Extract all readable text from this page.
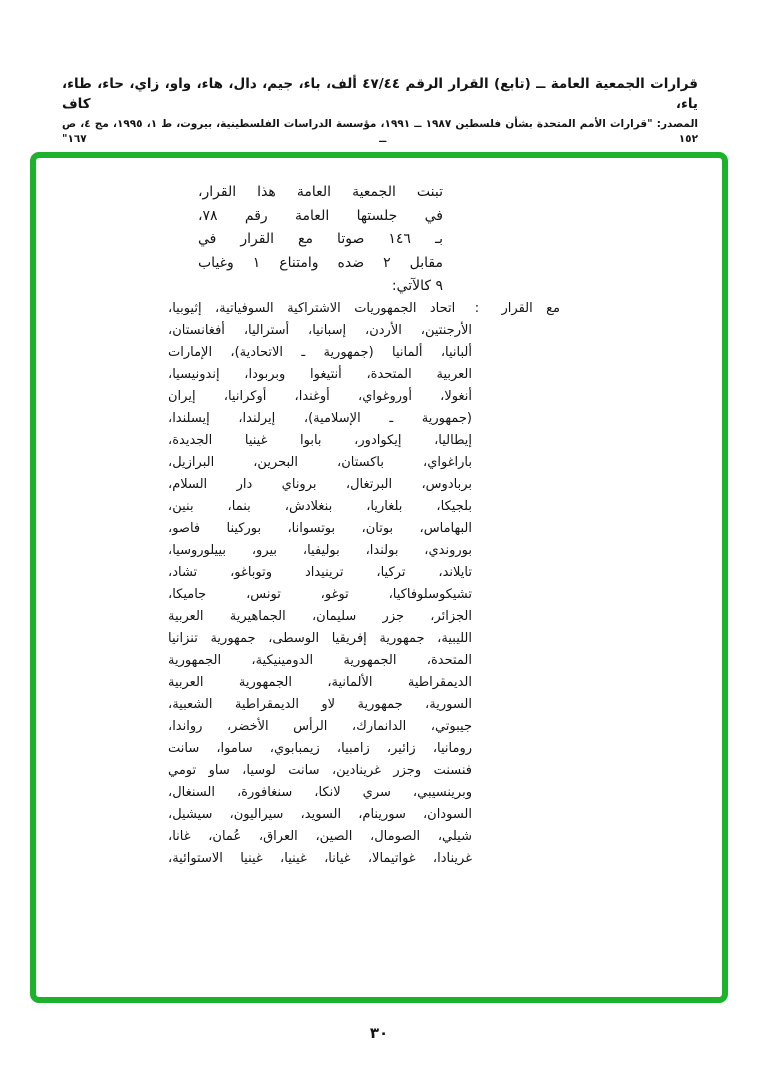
قرارات الجمعية العامة ــ (تابع) القرار الرقم ٤٧/٤٤ ألف، باء، جيم، دال، هاء، واو، زاي، حاء، طاء، ياء، كاف
المصدر: "قرارات الأمم المتحدة بشأن فلسطين ١٩٨٧ ــ ١٩٩١، مؤسسة الدراسات الفلسطينية، بيروت، ط ١، ١٩٩٥، مج ٤، ص ١٥٢ ــ ١٦٧"
تبنت الجمعية العامة هذا القرار،
في جلستها العامة رقم ٧٨،
بـ ١٤٦ صوتا مع القرار في
مقابل ٢ ضده وامتناع ١ وغياب
٩ كالآتي:
مع القرار : اتحاد الجمهوريات الاشتراكية السوفياتية، إثيوبيا،
الأرجنتين، الأردن، إسبانيا، أستراليا، أفغانستان،
ألبانيا، ألمانيا (جمهورية ـ الاتحادية)، الإمارات
العربية المتحدة، أنتيغوا وبربودا، إندونيسيا،
أنغولا، أوروغواي، أوغندا، أوكرانيا، إيران
(جمهورية ـ الإسلامية)، إيرلندا، إيسلندا،
إيطاليا، إيكوادور، بابوا غينيا الجديدة،
باراغواي، باكستان، البحرين، البرازيل،
بربادوس، البرتغال، بروناي دار السلام،
بلجيكا، بلغاريا، بنغلادش، بنما، بنين،
البهاماس، بوتان، بوتسوانا، بوركينا فاصو،
بوروندي، بولندا، بوليفيا، بيرو، بييلوروسيا،
تايلاند، تركيا، ترينيداد وتوباغو، تشاد،
تشيكوسلوفاكيا، توغو، تونس، جاميكا،
الجزائر، جزر سليمان، الجماهيرية العربية
الليبية، جمهورية إفريقيا الوسطى، جمهورية تنزانيا
المتحدة، الجمهورية الدومينيكية، الجمهورية
الديمقراطية الألمانية، الجمهورية العربية
السورية، جمهورية لاو الديمقراطية الشعبية،
جيبوتي، الدانمارك، الرأس الأخضر، رواندا،
رومانيا، زائير، زامبيا، زيمبابوي، ساموا، سانت
فنسنت وجزر غرينادين، سانت لوسيا، ساو تومي
وبرينسيبي، سري لانكا، سنغافورة، السنغال،
السودان، سورينام، السويد، سيراليون، سيشيل،
شيلي، الصومال، الصين، العراق، عُمان، غانا،
غرينادا، غواتيمالا، غيانا، غينيا، غينيا الاستوائية،
٣٠
